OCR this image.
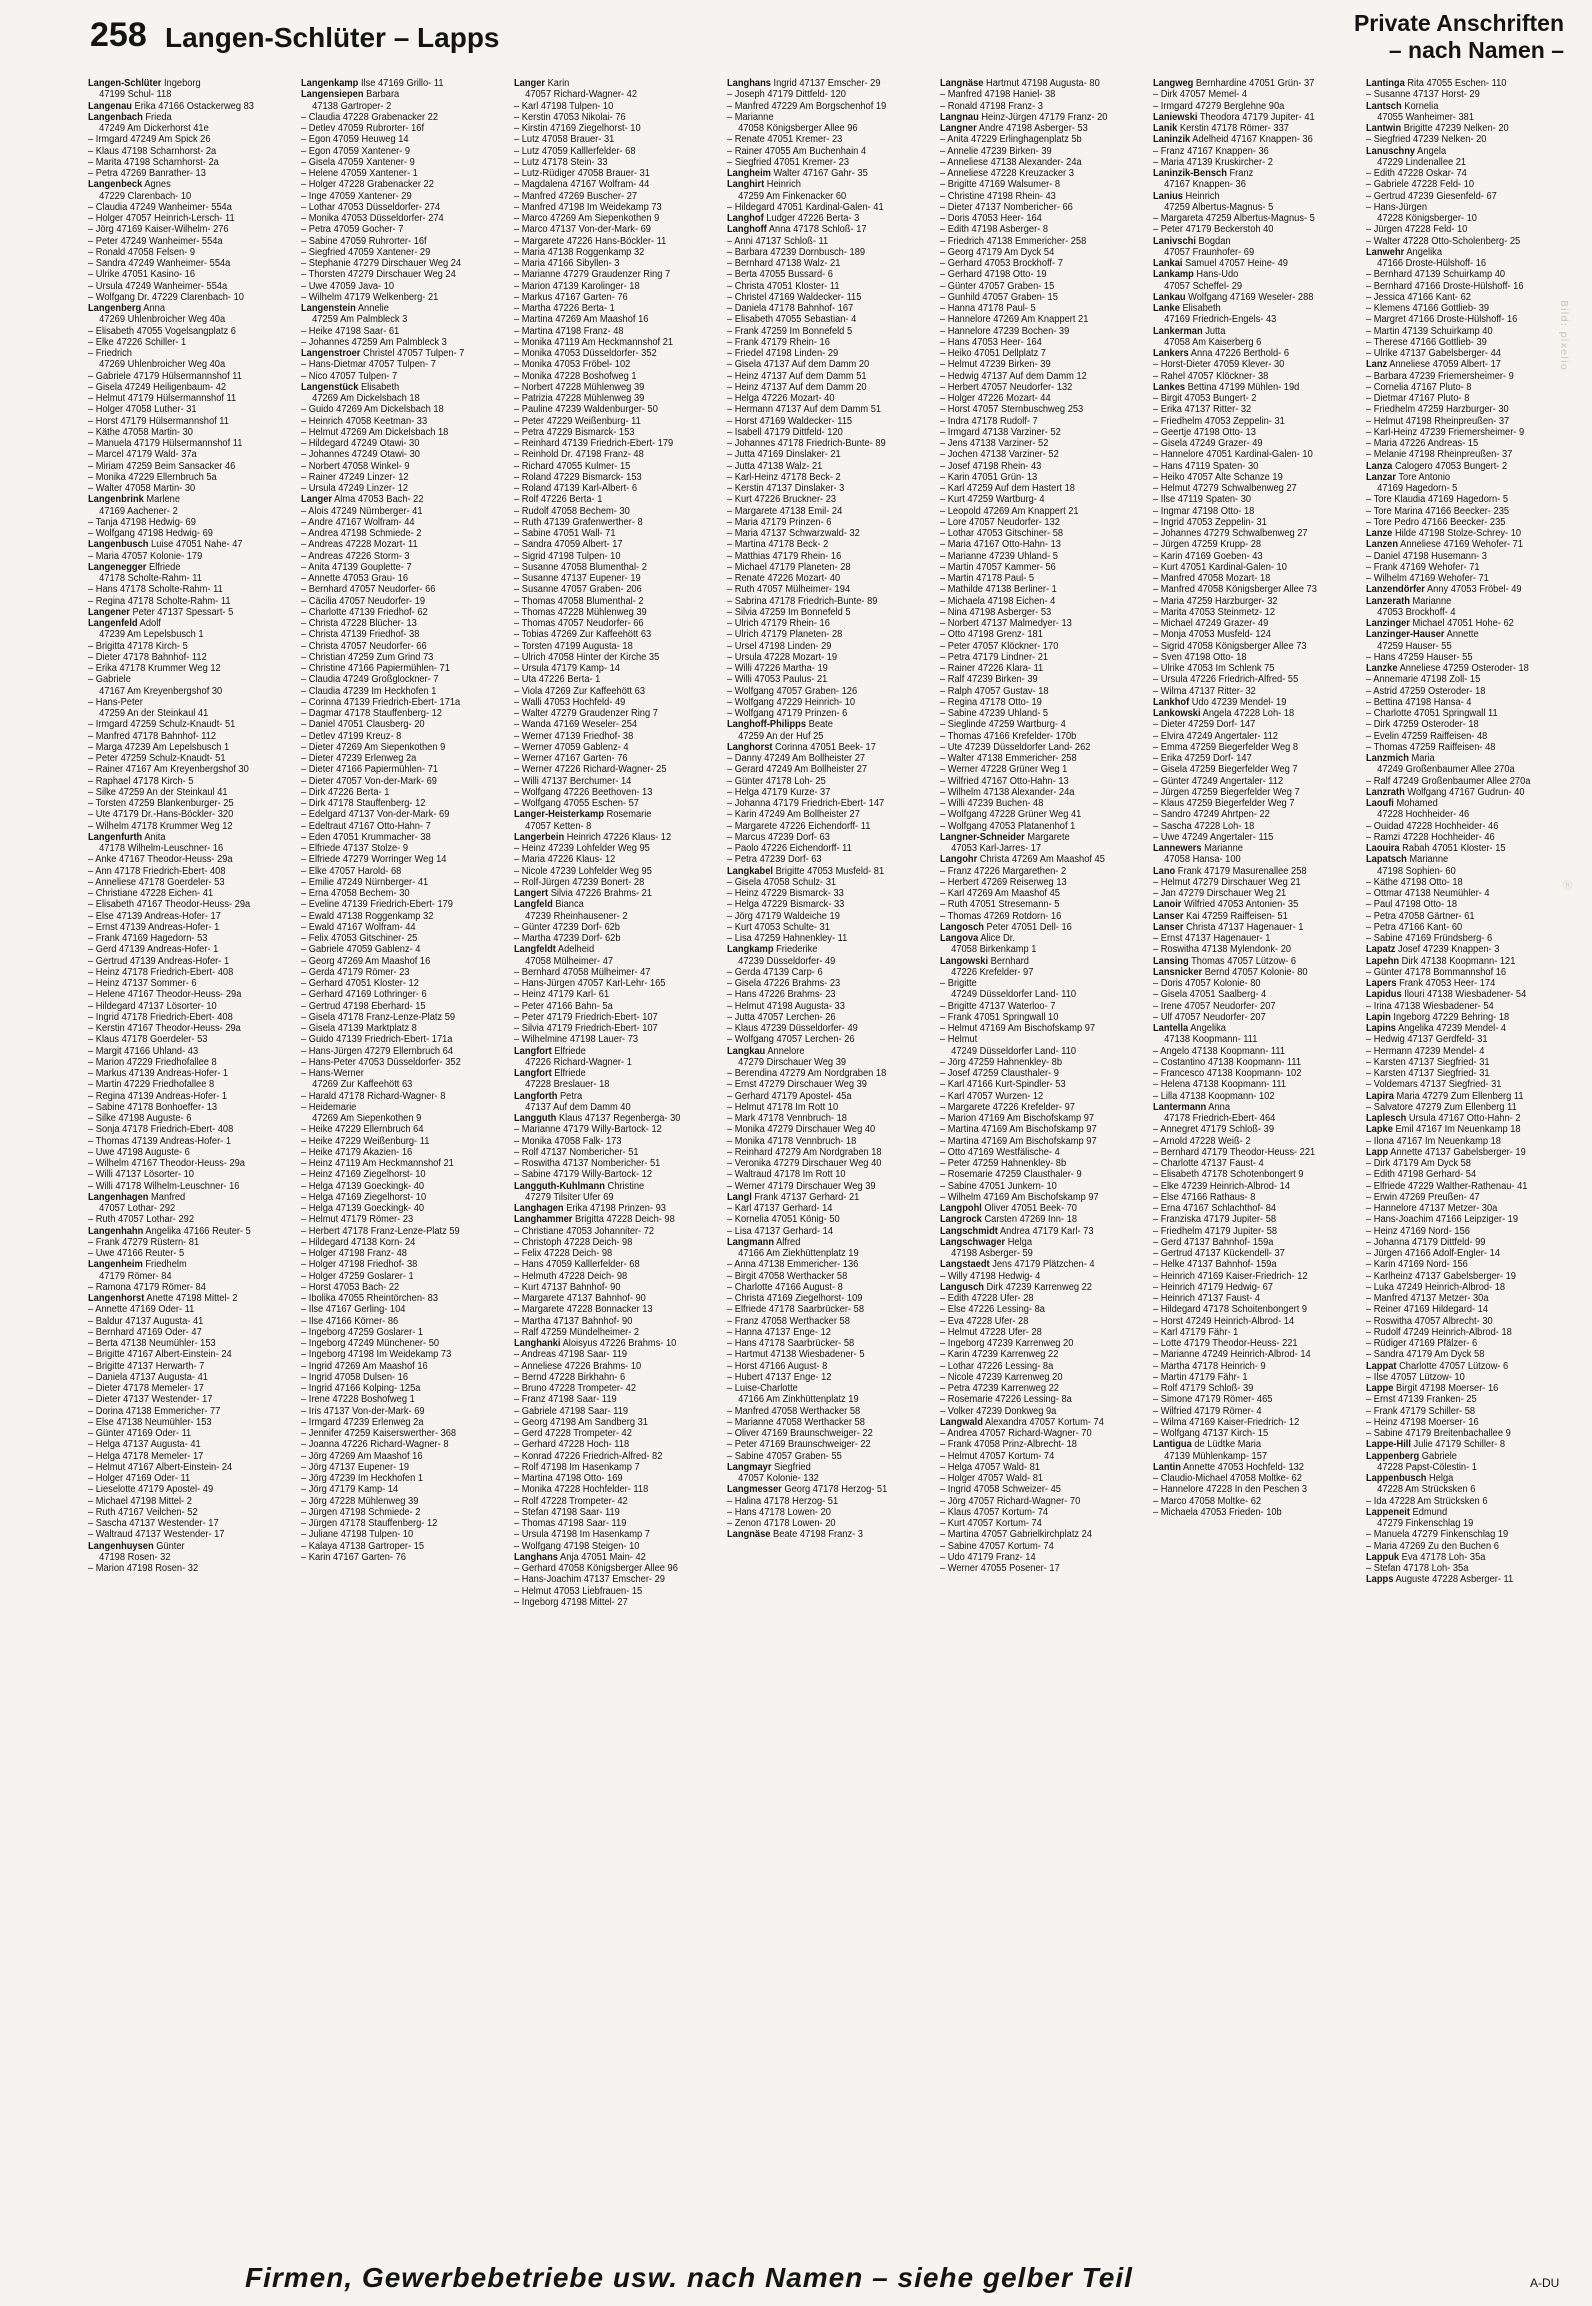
258 Langen-Schlüter – Lapps	Private Anschriften
– nach Namen –
Bild: pixelio
Ⓡ
Langen-Schlüter Ingeborg
47199 Schul- 118
Langenau Erika 47166 Ostackerweg 83
Langenbach Frieda
47249 Am Dickerhorst 41e
– Irmgard 47249 Am Spick 26
– Klaus 47198 Scharnhorst- 2a
– Marita 47198 Scharnhorst- 2a
– Petra 47269 Banrather- 13
Langenbeck Agnes
47229 Clarenbach- 10
– Claudia 47249 Wanheimer- 554a
– Holger 47057 Heinrich-Lersch- 11
– Jörg 47169 Kaiser-Wilhelm- 276
– Peter 47249 Wanheimer- 554a
– Ronald 47058 Felsen- 9
– Sandra 47249 Wanheimer- 554a
– Ulrike 47051 Kasino- 16
– Ursula 47249 Wanheimer- 554a
– Wolfgang Dr. 47229 Clarenbach- 10
Langenberg Anna
47269 Uhlenbroicher Weg 40a
– Elisabeth 47055 Vogelsangplatz 6
– Elke 47226 Schiller- 1
– Friedrich
47269 Uhlenbroicher Weg 40a
– Gabriele 47179 Hülsermannshof 11
– Gisela 47249 Heiligenbaum- 42
– Helmut 47179 Hülsermannshof 11
– Holger 47058 Luther- 31
– Horst 47179 Hülsermannshof 11
– Käthe 47058 Martin- 30
– Manuela 47179 Hülsermannshof 11
– Marcel 47179 Wald- 37a
– Miriam 47259 Beim Sansacker 46
– Monika 47229 Ellernbruch 5a
– Walter 47058 Martin- 30
Langenbrink Marlene
47169 Aachener- 2
– Tanja 47198 Hedwig- 69
– Wolfgang 47198 Hedwig- 69
Langenbusch Luise 47051 Nahe- 47
– Maria 47057 Kolonie- 179
Langenegger Elfriede
47178 Scholte-Rahm- 11
– Hans 47178 Scholte-Rahm- 11
– Regina 47178 Scholte-Rahm- 11
Langener Peter 47137 Spessart- 5
Langenfeld Adolf
47239 Am Lepelsbusch 1
– Brigitta 47178 Kirch- 5
– Dieter 47178 Bahnhof- 112
– Erika 47178 Krummer Weg 12
– Gabriele
47167 Am Kreyenbergshof 30
– Hans-Peter
47259 An der Steinkaul 41
– Irmgard 47259 Schulz-Knaudt- 51
– Manfred 47178 Bahnhof- 112
– Marga 47239 Am Lepelsbusch 1
– Peter 47259 Schulz-Knaudt- 51
– Rainer 47167 Am Kreyenbergshof 30
– Raphael 47178 Kirch- 5
– Silke 47259 An der Steinkaul 41
– Torsten 47259 Blankenburger- 25
– Ute 47179 Dr.-Hans-Böckler- 320
– Wilhelm 47178 Krummer Weg 12
Langenfurth Anita
47178 Wilhelm-Leuschner- 16
– Anke 47167 Theodor-Heuss- 29a
– Ann 47178 Friedrich-Ebert- 408
– Anneliese 47178 Goerdeler- 53
– Christiane 47228 Eichen- 41
– Elisabeth 47167 Theodor-Heuss- 29a
– Else 47139 Andreas-Hofer- 17
– Ernst 47139 Andreas-Hofer- 1
– Frank 47169 Hagedorn- 53
– Gerd 47139 Andreas-Hofer- 1
– Gertrud 47139 Andreas-Hofer- 1
– Heinz 47178 Friedrich-Ebert- 408
– Heinz 47137 Sommer- 6
– Helene 47167 Theodor-Heuss- 29a
– Hildegard 47137 Lösorter- 10
– Ingrid 47178 Friedrich-Ebert- 408
– Kerstin 47167 Theodor-Heuss- 29a
– Klaus 47178 Goerdeler- 53
– Margit 47166 Uhland- 43
– Marion 47229 Friedhofallee 8
– Markus 47139 Andreas-Hofer- 1
– Martin 47229 Friedhofallee 8
– Regina 47139 Andreas-Hofer- 1
– Sabine 47178 Bonhoeffer- 13
– Silke 47198 Auguste- 6
– Sonja 47178 Friedrich-Ebert- 408
– Thomas 47139 Andreas-Hofer- 1
– Uwe 47198 Auguste- 6
– Wilhelm 47167 Theodor-Heuss- 29a
– Willi 47137 Lösorter- 10
– Willi 47178 Wilhelm-Leuschner- 16
Langenhagen Manfred
47057 Lothar- 292
– Ruth 47057 Lothar- 292
Langenhahn Angelika 47166 Reuter- 5
– Frank 47279 Rüstern- 81
– Uwe 47166 Reuter- 5
Langenheim Friedhelm
47179 Römer- 84
– Ramona 47179 Römer- 84
Langenhorst Anette 47198 Mittel- 2
– Annette 47169 Oder- 11
– Baldur 47137 Augusta- 41
– Bernhard 47169 Oder- 47
– Berta 47138 Neumühler- 153
– Brigitte 47167 Albert-Einstein- 24
– Brigitte 47137 Herwarth- 7
– Daniela 47137 Augusta- 41
– Dieter 47178 Memeler- 17
– Dieter 47137 Westender- 17
– Dorina 47138 Emmericher- 77
– Else 47138 Neumühler- 153
– Günter 47169 Oder- 11
– Helga 47137 Augusta- 41
– Helga 47178 Memeler- 17
– Helmut 47167 Albert-Einstein- 24
– Holger 47169 Oder- 11
– Lieselotte 47179 Apostel- 49
– Michael 47198 Mittel- 2
– Ruth 47167 Veilchen- 52
– Sascha 47137 Westender- 17
– Waltraud 47137 Westender- 17
Langenhuysen Günter
47198 Rosen- 32
– Marion 47198 Rosen- 32
Langenkamp Ilse 47169 Grillo- 11
Langensiepen Barbara
47138 Gartroper- 2
– Claudia 47228 Grabenacker 22
– Detlev 47059 Rubrorter- 16f
– Egon 47059 Heuweg 14
– Egon 47059 Xantener- 9
– Gisela 47059 Xantener- 9
– Helene 47059 Xantener- 1
– Holger 47228 Grabenacker 22
– Inge 47059 Xantener- 29
– Lothar 47053 Düsseldorfer- 274
– Monika 47053 Düsseldorfer- 274
– Petra 47059 Gocher- 7
– Sabine 47059 Ruhrorter- 16f
– Siegfried 47059 Xantener- 29
– Stephanie 47279 Dirschauer Weg 24
– Thorsten 47279 Dirschauer Weg 24
– Uwe 47059 Java- 10
– Wilhelm 47179 Welkenberg- 21
Langenstein Annelie
47259 Am Palmbleck 3
– Heike 47198 Saar- 61
– Johannes 47259 Am Palmbleck 3
Langenstroer Christel 47057 Tulpen- 7
– Hans-Dietmar 47057 Tulpen- 7
– Nico 47057 Tulpen- 7
Langenstück Elisabeth
47269 Am Dickelsbach 18
– Guido 47269 Am Dickelsbach 18
– Heinrich 47058 Keetman- 33
– Helmut 47269 Am Dickelsbach 18
– Hildegard 47249 Otawi- 30
– Johannes 47249 Otawi- 30
– Norbert 47058 Winkel- 9
– Rainer 47249 Linzer- 12
– Ursula 47249 Linzer- 12
Langer Alma 47053 Bach- 22
– Alois 47249 Nürnberger- 41
– Andre 47167 Wolfram- 44
– Andrea 47198 Schmiede- 2
– Andreas 47228 Mozart- 11
– Andreas 47226 Storm- 3
– Anita 47139 Gouplette- 7
– Annette 47053 Grau- 16
– Bernhard 47057 Neudorfer- 66
– Cäcilia 47057 Neudorfer- 19
– Charlotte 47139 Friedhof- 62
– Christa 47228 Blücher- 13
– Christa 47139 Friedhof- 38
– Christa 47057 Neudorfer- 66
– Christian 47259 Zum Grind 73
– Christine 47166 Papiermühlen- 71
– Claudia 47249 Großglockner- 7
– Claudia 47239 Im Heckhofen 1
– Corinna 47139 Friedrich-Ebert- 171a
– Dagmar 47178 Stauffenberg- 12
– Daniel 47051 Clausberg- 20
– Detlev 47199 Kreuz- 8
– Dieter 47269 Am Siepenkothen 9
– Dieter 47239 Erlenweg 2a
– Dieter 47166 Papiermühlen- 71
– Dieter 47057 Von-der-Mark- 69
– Dirk 47226 Berta- 1
– Dirk 47178 Stauffenberg- 12
– Edelgard 47137 Von-der-Mark- 69
– Edeltraut 47167 Otto-Hahn- 7
– Eden 47051 Krummacher- 38
– Elfriede 47137 Stolze- 9
– Elfriede 47279 Worringer Weg 14
– Elke 47057 Harold- 68
– Emilie 47249 Nürnberger- 41
– Erna 47058 Bechem- 30
– Eveline 47139 Friedrich-Ebert- 179
– Ewald 47138 Roggenkamp 32
– Ewald 47167 Wolfram- 44
– Felix 47053 Gitschiner- 25
– Gabriele 47059 Gablenz- 4
– Georg 47269 Am Maashof 16
– Gerda 47179 Römer- 23
– Gerhard 47051 Kloster- 12
– Gerhard 47169 Lothringer- 6
– Gertrud 47198 Eberhard- 15
– Gisela 47178 Franz-Lenze-Platz 59
– Gisela 47139 Marktplatz 8
– Guido 47139 Friedrich-Ebert- 171a
– Hans-Jürgen 47279 Ellernbruch 64
– Hans-Peter 47053 Düsseldorfer- 352
– Hans-Werner
47269 Zur Kaffeehött 63
– Harald 47178 Richard-Wagner- 8
– Heidemarie
47269 Am Siepenkothen 9
– Heike 47229 Ellernbruch 64
– Heike 47229 Weißenburg- 11
– Heike 47179 Akazien- 16
– Heinz 47119 Am Heckmannshof 21
– Heinz 47169 Ziegelhorst- 10
– Helga 47139 Goeckingk- 40
– Helga 47169 Ziegelhorst- 10
– Helga 47139 Goeckingk- 40
– Helmut 47179 Römer- 23
– Herbert 47178 Franz-Lenze-Platz 59
– Hildegard 47138 Korn- 24
– Holger 47198 Franz- 48
– Holger 47198 Friedhof- 38
– Holger 47259 Goslarer- 1
– Horst 47053 Bach- 22
– Ibolika 47055 Rheintörchen- 83
– Ilse 47167 Gerling- 104
– Ilse 47166 Körner- 86
– Ingeborg 47259 Goslarer- 1
– Ingeborg 47249 Münchener- 50
– Ingeborg 47198 Im Weidekamp 73
– Ingrid 47269 Am Maashof 16
– Ingrid 47058 Dulsen- 16
– Ingrid 47166 Kolping- 125a
– Irene 47228 Boshofweg 1
– Iris 47137 Von-der-Mark- 69
– Irmgard 47239 Erlenweg 2a
– Jennifer 47259 Kaiserswerther- 368
– Joanna 47226 Richard-Wagner- 8
– Jörg 47269 Am Maashof 16
– Jörg 47137 Eupener- 19
– Jörg 47239 Im Heckhofen 1
– Jörg 47179 Kamp- 14
– Jörg 47228 Mühlenweg 39
– Jürgen 47198 Schmiede- 2
– Jürgen 47178 Stauffenberg- 12
– Juliane 47198 Tulpen- 10
– Kalaya 47138 Gartroper- 15
– Karin 47167 Garten- 76
Langer Karin
47057 Richard-Wagner- 42
– Karl 47198 Tulpen- 10
– Kerstin 47053 Nikolai- 76
– Kirstin 47169 Ziegelhorst- 10
– Lutz 47058 Brauer- 31
– Lutz 47059 Kalllerfelder- 68
– Lutz 47178 Stein- 33
– Lutz-Rüdiger 47058 Brauer- 31
– Magdalena 47167 Wolfram- 44
– Manfred 47269 Buscher- 27
– Manfred 47198 Im Weidekamp 73
– Marco 47269 Am Siepenkothen 9
– Marco 47137 Von-der-Mark- 69
– Margarete 47226 Hans-Böckler- 11
– Maria 47138 Roggenkamp 32
– Maria 47166 Sibyllen- 3
– Marianne 47279 Graudenzer Ring 7
– Marion 47139 Karolinger- 18
– Markus 47167 Garten- 76
– Martha 47226 Berta- 1
– Martina 47269 Am Maashof 16
– Martina 47198 Franz- 48
– Monika 47119 Am Heckmannshof 21
– Monika 47053 Düsseldorfer- 352
– Monika 47053 Fröbel- 102
– Monika 47228 Boshofweg 1
– Norbert 47228 Mühlenweg 39
– Patrizia 47228 Mühlenweg 39
– Pauline 47239 Waldenburger- 50
– Peter 47229 Weißenburg- 11
– Petra 47229 Bismarck- 153
– Reinhard 47139 Friedrich-Ebert- 179
– Reinhold Dr. 47198 Franz- 48
– Richard 47055 Kulmer- 15
– Roland 47229 Bismarck- 153
– Roland 47139 Karl-Albert- 6
– Rolf 47226 Berta- 1
– Rudolf 47058 Bechem- 30
– Ruth 47139 Grafenwerther- 8
– Sabine 47051 Wall- 71
– Sandra 47059 Albert- 17
– Sigrid 47198 Tulpen- 10
– Susanne 47058 Blumenthal- 2
– Susanne 47137 Eupener- 19
– Susanne 47057 Graben- 206
– Thomas 47058 Blumenthal- 2
– Thomas 47228 Mühlenweg 39
– Thomas 47057 Neudorfer- 66
– Tobias 47269 Zur Kaffeehött 63
– Torsten 47199 Augusta- 18
– Ulrich 47058 Hinter der Kirche 35
– Ursula 47179 Kamp- 14
– Uta 47226 Berta- 1
– Viola 47269 Zur Kaffeehött 63
– Walli 47053 Hochfeld- 49
– Walter 47279 Graudenzer Ring 7
– Wanda 47169 Weseler- 254
– Werner 47139 Friedhof- 38
– Werner 47059 Gablenz- 4
– Werner 47167 Garten- 76
– Werner 47226 Richard-Wagner- 25
– Willi 47137 Berchumer- 14
– Wolfgang 47226 Beethoven- 13
– Wolfgang 47055 Eschen- 57
Langer-Heisterkamp Rosemarie
47057 Ketten- 8
Langerbein Heinrich 47226 Klaus- 12
– Heinz 47239 Lohfelder Weg 95
– Maria 47226 Klaus- 12
– Nicole 47239 Lohfelder Weg 95
– Rolf-Jürgen 47239 Bonert- 28
Langert Silvia 47226 Brahms- 21
Langfeld Bianca
47239 Rheinhausener- 2
– Günter 47239 Dorf- 62b
– Martha 47239 Dorf- 62b
Langfeldt Adelheid
47058 Mülheimer- 47
– Bernhard 47058 Mülheimer- 47
– Hans-Jürgen 47057 Karl-Lehr- 165
– Heinz 47179 Karl- 61
– Peter 47166 Bahn- 5a
– Peter 47179 Friedrich-Ebert- 107
– Silvia 47179 Friedrich-Ebert- 107
– Wilhelmine 47198 Lauer- 73
Langfort Elfriede
47226 Richard-Wagner- 1
Langfort Elfriede
47228 Breslauer- 18
Langforth Petra
47137 Auf dem Damm 40
Langguth Klaus 47137 Regenberga- 30
– Marianne 47179 Willy-Bartock- 12
– Monika 47058 Falk- 173
– Rolf 47137 Nombericher- 51
– Roswitha 47137 Nombericher- 51
– Sabine 47179 Willy-Bartock- 12
Langguth-Kuhlmann Christine
47279 Tilsiter Ufer 69
Langhagen Erika 47198 Prinzen- 93
Langhammer Brigitta 47228 Deich- 98
– Christiane 47053 Johanniter- 72
– Christoph 47228 Deich- 98
– Felix 47228 Deich- 98
– Hans 47059 Kalllerfelder- 68
– Helmuth 47228 Deich- 98
– Kurt 47137 Bahnhof- 90
– Margarete 47137 Bahnhof- 90
– Margarete 47228 Bonnacker 13
– Martha 47137 Bahnhof- 90
– Ralf 47259 Mündelheimer- 2
Langhanki Aloisyus 47226 Brahms- 10
– Andreas 47198 Saar- 119
– Anneliese 47226 Brahms- 10
– Bernd 47228 Birkhahn- 6
– Bruno 47228 Trompeter- 42
– Franz 47198 Saar- 119
– Gabriele 47198 Saar- 119
– Georg 47198 Am Sandberg 31
– Gerd 47228 Trompeter- 42
– Gerhard 47228 Hoch- 118
– Konrad 47226 Friedrich-Alfred- 82
– Rolf 47198 Im Hasenkamp 7
– Martina 47198 Otto- 169
– Monika 47228 Hochfelder- 118
– Rolf 47228 Trompeter- 42
– Stefan 47198 Saar- 119
– Thomas 47198 Saar- 119
– Ursula 47198 Im Hasenkamp 7
– Wolfgang 47198 Steigen- 10
Langhans Anja 47051 Main- 42
– Gerhard 47058 Königsberger Allee 96
– Hans-Joachim 47137 Emscher- 29
– Helmut 47053 Liebfrauen- 15
– Ingeborg 47198 Mittel- 27
Langhans Ingrid 47137 Emscher- 29
– Joseph 47179 Dittfeld- 120
– Manfred 47229 Am Borgschenhof 19
– Marianne
47058 Königsberger Allee 96
– Renate 47051 Kremer- 23
– Rainer 47055 Am Buchenhain 4
– Siegfried 47051 Kremer- 23
Langheim Walter 47167 Gahr- 35
Langhirt Heinrich
47259 Am Finkenacker 60
– Hildegard 47051 Kardinal-Galen- 41
Langhof Ludger 47226 Berta- 3
Langhoff Anna 47178 Schloß- 17
– Anni 47137 Schloß- 11
– Barbara 47239 Dornbusch- 189
– Bernhard 47138 Walz- 21
– Berta 47055 Bussard- 6
– Christa 47051 Kloster- 11
– Christel 47169 Waldecker- 115
– Daniela 47178 Bahnhof- 167
– Elisabeth 47055 Sebastian- 4
– Frank 47259 Im Bonnefeld 5
– Frank 47179 Rhein- 16
– Friedel 47198 Linden- 29
– Gisela 47137 Auf dem Damm 20
– Heinz 47137 Auf dem Damm 51
– Heinz 47137 Auf dem Damm 20
– Helga 47226 Mozart- 40
– Hermann 47137 Auf dem Damm 51
– Horst 47169 Waldecker- 115
– Isabell 47179 Dittfeld- 120
– Johannes 47178 Friedrich-Bunte- 89
– Jutta 47169 Dinslaker- 21
– Jutta 47138 Walz- 21
– Karl-Heinz 47178 Beck- 2
– Kerstin 47137 Dinslaker- 3
– Kurt 47226 Bruckner- 23
– Margarete 47138 Emil- 24
– Maria 47179 Prinzen- 6
– Maria 47137 Schwarzwald- 32
– Martina 47178 Beck- 2
– Matthias 47179 Rhein- 16
– Michael 47179 Planeten- 28
– Renate 47226 Mozart- 40
– Ruth 47057 Mülheimer- 194
– Sabrina 47178 Friedrich-Bunte- 89
– Silvia 47259 Im Bonnefeld 5
– Ulrich 47179 Rhein- 16
– Ulrich 47179 Planeten- 28
– Ursel 47198 Linden- 29
– Ursula 47228 Mozart- 19
– Willi 47226 Martha- 19
– Willi 47053 Paulus- 21
– Wolfgang 47057 Graben- 126
– Wolfgang 47229 Heinrich- 10
– Wolfgang 47179 Prinzen- 6
Langhoff-Philipps Beate
47259 An der Huf 25
Langhorst Corinna 47051 Beek- 17
– Danny 47249 Am Bollheister 27
– Gerard 47249 Am Bollheister 27
– Günter 47178 Loh- 25
– Helga 47179 Kurze- 37
– Johanna 47179 Friedrich-Ebert- 147
– Karin 47249 Am Bollheister 27
– Margarete 47226 Eichendorff- 11
– Marcus 47239 Dorf- 63
– Paolo 47226 Eichendorff- 11
– Petra 47239 Dorf- 63
Langkabel Brigitte 47053 Musfeld- 81
– Gisela 47058 Schulz- 31
– Heinz 47229 Bismarck- 33
– Helga 47229 Bismarck- 33
– Jörg 47179 Waldeiche 19
– Kurt 47053 Schulte- 31
– Lisa 47259 Hahnenkley- 11
Langkamp Friederike
47239 Düsseldorfer- 49
– Gerda 47139 Carp- 6
– Gisela 47226 Brahms- 23
– Hans 47226 Brahms- 23
– Helmut 47198 Augusta- 33
– Jutta 47057 Lerchen- 26
– Klaus 47239 Düsseldorfer- 49
– Wolfgang 47057 Lerchen- 26
Langkau Annelore
47279 Dirschauer Weg 39
– Berendina 47279 Am Nordgraben 18
– Ernst 47279 Dirschauer Weg 39
– Gerhard 47179 Apostel- 45a
– Helmut 47178 Im Rott 10
– Mark 47178 Vennbruch- 18
– Monika 47279 Dirschauer Weg 40
– Monika 47178 Vennbruch- 18
– Reinhard 47279 Am Nordgraben 18
– Veronika 47279 Dirschauer Weg 40
– Waltraud 47178 Im Rott 10
– Werner 47179 Dirschauer Weg 39
Langl Frank 47137 Gerhard- 21
– Karl 47137 Gerhard- 14
– Kornelia 47051 König- 50
– Lisa 47137 Gerhard- 14
Langmann Alfred
47166 Am Ziekhüttenplatz 19
– Anna 47138 Emmericher- 136
– Birgit 47058 Werthacker 58
– Charlotte 47166 August- 8
– Christa 47169 Ziegelhorst- 109
– Elfriede 47178 Saarbrücker- 58
– Franz 47058 Werthacker 58
– Hanna 47137 Enge- 12
– Hans 47178 Saarbrücker- 58
– Hartmut 47138 Wiesbadener- 5
– Horst 47166 August- 8
– Hubert 47137 Enge- 12
– Luise-Charlotte
47166 Am Zinkhüttenplatz 19
– Manfred 47058 Werthacker 58
– Marianne 47058 Werthacker 58
– Oliver 47169 Braunschweiger- 22
– Peter 47169 Braunschweiger- 22
– Sabine 47057 Graben- 55
Langmayr Siegfried
47057 Kolonie- 132
Langmesser Georg 47178 Herzog- 51
– Halina 47178 Herzog- 51
– Hans 47178 Lowen- 20
– Zenon 47178 Lowen- 20
Langnäse Beate 47198 Franz- 3
Langnäse Hartmut 47198 Augusta- 80
– Manfred 47198 Haniel- 38
– Ronald 47198 Franz- 3
Langnau Heinz-Jürgen 47179 Franz- 20
Langner Andre 47198 Asberger- 53
– Anita 47229 Erlinghagenplatz 5b
– Annelie 47239 Birken- 39
– Anneliese 47138 Alexander- 24a
– Anneliese 47228 Kreuzacker 3
– Brigitte 47169 Walsumer- 8
– Christine 47198 Rhein- 43
– Dieter 47137 Nombericher- 66
– Doris 47053 Heer- 164
– Edith 47198 Asberger- 8
– Friedrich 47138 Emmericher- 258
– Georg 47179 Am Dyck 54
– Gerhard 47053 Brockhoff- 7
– Gerhard 47198 Otto- 19
– Günter 47057 Graben- 15
– Gunhild 47057 Graben- 15
– Hanna 47178 Paul- 5
– Hannelore 47269 Am Knappert 21
– Hannelore 47239 Bochen- 39
– Hans 47053 Heer- 164
– Heiko 47051 Dellplatz 7
– Helmut 47239 Birken- 39
– Hedwig 47137 Auf dem Damm 12
– Herbert 47057 Neudorfer- 132
– Holger 47226 Mozart- 44
– Horst 47057 Sternbuschweg 253
– Indra 47178 Rudolf- 7
– Irmgard 47138 Varziner- 52
– Jens 47138 Varziner- 52
– Jochen 47138 Varziner- 52
– Josef 47198 Rhein- 43
– Karin 47051 Grün- 13
– Karl 47259 Auf dem Hastert 18
– Kurt 47259 Wartburg- 4
– Leopold 47269 Am Knappert 21
– Lore 47057 Neudorfer- 132
– Lothar 47053 Gitschiner- 58
– Maria 47167 Otto-Hahn- 13
– Marianne 47239 Uhland- 5
– Martin 47057 Kammer- 56
– Martin 47178 Paul- 5
– Mathilde 47138 Berliner- 1
– Michaela 47198 Eichen- 4
– Nina 47198 Asberger- 53
– Norbert 47137 Malmedyer- 13
– Otto 47198 Grenz- 181
– Peter 47057 Klöckner- 170
– Petra 47179 Lindner- 21
– Rainer 47226 Klara- 11
– Ralf 47239 Birken- 39
– Ralph 47057 Gustav- 18
– Regina 47178 Otto- 19
– Sabine 47239 Uhland- 5
– Sieglinde 47259 Wartburg- 4
– Thomas 47166 Krefelder- 170b
– Ute 47239 Düsseldorfer Land- 262
– Walter 47138 Emmericher- 258
– Werner 47228 Grüner Weg 1
– Wilfried 47167 Otto-Hahn- 13
– Wilhelm 47138 Alexander- 24a
– Willi 47239 Buchen- 48
– Wolfgang 47228 Grüner Weg 41
– Wolfgang 47053 Platanenhof 1
Langner-Schneider Margarete
47053 Karl-Jarres- 17
Langohr Christa 47269 Am Maashof 45
– Franz 47226 Margarethen- 2
– Herbert 47269 Reiserweg 13
– Karl 47269 Am Maashof 45
– Ruth 47051 Stresemann- 5
– Thomas 47269 Rotdorn- 16
Langosch Peter 47051 Dell- 16
Langova Alice Dr.
47058 Birkenkamp 1
Langowski Bernhard
47226 Krefelder- 97
– Brigitte
47249 Düsseldorfer Land- 110
– Brigitte 47137 Waterloo- 7
– Frank 47051 Springwall 10
– Helmut 47169 Am Bischofskamp 97
– Helmut
47249 Düsseldorfer Land- 110
– Jörg 47259 Hahnenkley- 8b
– Josef 47259 Clausthaler- 9
– Karl 47166 Kurt-Spindler- 53
– Karl 47057 Wurzen- 12
– Margarete 47226 Krefelder- 97
– Marion 47169 Am Bischofskamp 97
– Martina 47169 Am Bischofskamp 97
– Martina 47169 Am Bischofskamp 97
– Otto 47169 Westfälische- 4
– Peter 47259 Hahnenkley- 8b
– Rosemarie 47259 Clausthaler- 9
– Sabine 47051 Junkern- 10
– Wilhelm 47169 Am Bischofskamp 97
Langpohl Oliver 47051 Beek- 70
Langrock Carsten 47269 Inn- 18
Langschmidt Andrea 47179 Karl- 73
Langschwager Helga
47198 Asberger- 59
Langstaedt Jens 47179 Plätzchen- 4
– Willy 47198 Hedwig- 4
Langusch Dirk 47239 Karrenweg 22
– Edith 47228 Ufer- 28
– Else 47226 Lessing- 8a
– Eva 47228 Ufer- 28
– Helmut 47228 Ufer- 28
– Ingeborg 47239 Karrenweg 20
– Karin 47239 Karrenweg 22
– Lothar 47226 Lessing- 8a
– Nicole 47239 Karrenweg 20
– Petra 47239 Karrenweg 22
– Rosemarie 47226 Lessing- 8a
– Volker 47239 Donkweg 9a
Langwald Alexandra 47057 Kortum- 74
– Andrea 47057 Richard-Wagner- 70
– Frank 47058 Prinz-Albrecht- 18
– Helmut 47057 Kortum- 74
– Helga 47057 Wald- 81
– Holger 47057 Wald- 81
– Ingrid 47058 Schweizer- 45
– Jörg 47057 Richard-Wagner- 70
– Klaus 47057 Kortum- 74
– Kurt 47057 Kortum- 74
– Martina 47057 Gabrielkirchplatz 24
– Sabine 47057 Kortum- 74
– Udo 47179 Franz- 14
– Werner 47055 Posener- 17
Langweg Bernhardine 47051 Grün- 37
– Dirk 47057 Memel- 4
– Irmgard 47279 Berglehne 90a
Laniewski Theodora 47179 Jupiter- 41
Lanik Kerstin 47178 Römer- 337
Laninzik Adelheid 47167 Knappen- 36
– Franz 47167 Knappen- 36
– Maria 47139 Kruskircher- 2
Laninzik-Bensch Franz
47167 Knappen- 36
Lanius Heinrich
47259 Albertus-Magnus- 5
– Margareta 47259 Albertus-Magnus- 5
– Peter 47179 Beckerstoh 40
Lanivschi Bogdan
47057 Fraunhofer- 69
Lankai Samuel 47057 Heine- 49
Lankamp Hans-Udo
47057 Scheffel- 29
Lankau Wolfgang 47169 Weseler- 288
Lanke Elisabeth
47169 Friedrich-Engels- 43
Lankerman Jutta
47058 Am Kaiserberg 6
Lankers Anna 47226 Berthold- 6
– Horst-Dieter 47059 Klever- 30
– Rahel 47057 Klöckner- 38
Lankes Bettina 47199 Mühlen- 19d
– Birgit 47053 Bungert- 2
– Erika 47137 Ritter- 32
– Friedhelm 47053 Zeppelin- 31
– Geertje 47198 Otto- 13
– Gisela 47249 Grazer- 49
– Hannelore 47051 Kardinal-Galen- 10
– Hans 47119 Spaten- 30
– Heiko 47057 Alte Schanze 19
– Helmut 47279 Schwalbenweg 27
– Ilse 47119 Spaten- 30
– Ingmar 47198 Otto- 18
– Ingrid 47053 Zeppelin- 31
– Johannes 47279 Schwalbenweg 27
– Jürgen 47259 Krupp- 28
– Karin 47169 Goeben- 43
– Kurt 47051 Kardinal-Galen- 10
– Manfred 47058 Mozart- 18
– Manfred 47058 Königsberger Allee 73
– Maria 47259 Harzburger- 32
– Marita 47053 Steinmetz- 12
– Michael 47249 Grazer- 49
– Monja 47053 Musfeld- 124
– Sigrid 47058 Königsberger Allee 73
– Sven 47198 Otto- 18
– Ulrike 47053 Im Schlenk 75
– Ursula 47226 Friedrich-Alfred- 55
– Wilma 47137 Ritter- 32
Lankhof Udo 47239 Mendel- 19
Lankowski Angela 47228 Loh- 18
– Dieter 47259 Dorf- 147
– Elvira 47249 Angertaler- 112
– Emma 47259 Biegerfelder Weg 8
– Erika 47259 Dorf- 147
– Gisela 47259 Biegerfelder Weg 7
– Günter 47249 Angertaler- 112
– Jürgen 47259 Biegerfelder Weg 7
– Klaus 47259 Biegerfelder Weg 7
– Sandro 47249 Ahrtpen- 22
– Sascha 47228 Loh- 18
– Uwe 47249 Angertaler- 115
Lannewers Marianne
47058 Hansa- 100
Lano Frank 47179 Masurenallee 258
– Helmut 47279 Dirschauer Weg 21
– Jan 47279 Dirschauer Weg 21
Lanoir Wilfried 47053 Antonien- 35
Lanser Kai 47259 Raiffeisen- 51
Lanser Christa 47137 Hagenauer- 1
– Ernst 47137 Hagenauer- 1
– Roswitha 47138 Mylendonk- 20
Lansing Thomas 47057 Lützow- 6
Lansnicker Bernd 47057 Kolonie- 80
– Doris 47057 Kolonie- 80
– Gisela 47051 Saalberg- 4
– Irene 47057 Neudorfer- 207
– Ulf 47057 Neudorfer- 207
Lantella Angelika
47138 Koopmann- 111
– Angelo 47138 Koopmann- 111
– Costantino 47138 Koopmann- 111
– Francesco 47138 Koopmann- 102
– Helena 47138 Koopmann- 111
– Lilla 47138 Koopmann- 102
Lantermann Anna
47178 Friedrich-Ebert- 464
– Annegret 47179 Schloß- 39
– Arnold 47228 Weiß- 2
– Bernhard 47179 Theodor-Heuss- 221
– Charlotte 47137 Faust- 4
– Elisabeth 47178 Schotenbongert 9
– Elke 47239 Heinrich-Albrod- 14
– Else 47166 Rathaus- 8
– Erna 47167 Schlachthof- 84
– Franziska 47179 Jupiter- 58
– Friedhelm 47179 Jupiter- 58
– Gerd 47137 Bahnhof- 159a
– Gertrud 47137 Kückendell- 37
– Helke 47137 Bahnhof- 159a
– Heinrich 47169 Kaiser-Friedrich- 12
– Heinrich 47179 Hedwig- 67
– Heinrich 47137 Faust- 4
– Hildegard 47178 Schoitenbongert 9
– Horst 47249 Heinrich-Albrod- 14
– Karl 47179 Fähr- 1
– Lotte 47179 Theodor-Heuss- 221
– Marianne 47249 Heinrich-Albrod- 14
– Martha 47178 Heinrich- 9
– Martin 47179 Fähr- 1
– Rolf 47179 Schloß- 39
– Simone 47179 Römer- 465
– Wilfried 47179 Römer- 4
– Wilma 47169 Kaiser-Friedrich- 12
– Wolfgang 47137 Kirch- 15
Lantigua de Lüdtke Maria
47139 Mühlenkamp- 157
Lantin Annette 47053 Hochfeld- 132
– Claudio-Michael 47058 Moltke- 62
– Hannelore 47228 In den Peschen 3
– Marco 47058 Moltke- 62
– Michaela 47053 Frieden- 10b
Lantinga Rita 47055 Eschen- 110
– Susanne 47137 Horst- 29
Lantsch Kornelia
47055 Wanheimer- 381
Lantwin Brigitte 47239 Nelken- 20
– Siegfried 47239 Nelken- 20
Lanuschny Angela
47229 Lindenallee 21
– Edith 47228 Oskar- 74
– Gabriele 47228 Feld- 10
– Gertrud 47239 Giesenfeld- 67
– Hans-Jürgen
47228 Königsberger- 10
– Jürgen 47228 Feld- 10
– Walter 47228 Otto-Scholenberg- 25
Lanwehr Angelika
47166 Droste-Hülshoff- 16
– Bernhard 47139 Schuirkamp 40
– Bernhard 47166 Droste-Hülshoff- 16
– Jessica 47166 Kant- 62
– Klemens 47166 Gottlieb- 39
– Margret 47166 Droste-Hülshoff- 16
– Martin 47139 Schuirkamp 40
– Therese 47166 Gottlieb- 39
– Ulrike 47137 Gabelsberger- 44
Lanz Anneliese 47059 Albert- 17
– Barbara 47239 Friemersheimer- 9
– Cornelia 47167 Pluto- 8
– Dietmar 47167 Pluto- 8
– Friedhelm 47259 Harzburger- 30
– Helmut 47198 Rheinpreußen- 37
– Karl-Heinz 47239 Friemersheimer- 9
– Maria 47226 Andreas- 15
– Melanie 47198 Rheinpreußen- 37
Lanza Calogero 47053 Bungert- 2
Lanzar Tore Antonio
47169 Hagedorn- 5
– Tore Klaudia 47169 Hagedorn- 5
– Tore Marina 47166 Beecker- 235
– Tore Pedro 47166 Beecker- 235
Lanze Hilde 47198 Stolze-Schrey- 10
Lanzen Anneliese 47169 Wehofer- 71
– Daniel 47198 Husemann- 3
– Frank 47169 Wehofer- 71
– Wilhelm 47169 Wehofer- 71
Lanzendörfer Anny 47053 Fröbel- 49
Lanzerath Marianne
47053 Brockhoff- 4
Lanzinger Michael 47051 Hohe- 62
Lanzinger-Hauser Annette
47259 Hauser- 55
– Hans 47259 Hauser- 55
Lanzke Anneliese 47259 Osteroder- 18
– Annemarie 47198 Zoll- 15
– Astrid 47259 Osteroder- 18
– Bettina 47198 Hansa- 4
– Charlotte 47051 Springwall 11
– Dirk 47259 Osteroder- 18
– Evelin 47259 Raiffeisen- 48
– Thomas 47259 Raiffeisen- 48
Lanzmich Maria
47249 Großenbaumer Allee 270a
– Ralf 47249 Großenbaumer Allee 270a
Lanzrath Wolfgang 47167 Gudrun- 40
Laoufi Mohamed
47228 Hochheider- 46
– Ouidad 47228 Hochheider- 46
– Ramzi 47228 Hochheider- 46
Laouira Rabah 47051 Kloster- 15
Lapatsch Marianne
47198 Sophien- 60
– Käthe 47198 Otto- 18
– Ottmar 47138 Neumühler- 4
– Paul 47198 Otto- 18
– Petra 47058 Gärtner- 61
– Petra 47166 Kant- 60
– Sabine 47169 Fründsberg- 6
Lapatz Josef 47239 Knappen- 3
Lapehn Dirk 47138 Koopmann- 121
– Günter 47178 Bommannshof 16
Lapers Frank 47053 Heer- 174
Lapidus Ilouri 47138 Wiesbadener- 54
– Irina 47138 Wiesbadener- 54
Lapin Ingeborg 47229 Behring- 18
Lapins Angelika 47239 Mendel- 4
– Hedwig 47137 Gerdfeld- 31
– Hermann 47239 Mendel- 4
– Karsten 47137 Siegfried- 31
– Karsten 47137 Siegfried- 31
– Voldemars 47137 Siegfried- 31
Lapira Maria 47279 Zum Ellenberg 11
– Salvatore 47279 Zum Ellenberg 11
Laplesch Ursula 47167 Otto-Hahn- 2
Lapke Emil 47167 Im Neuenkamp 18
– Ilona 47167 Im Neuenkamp 18
Lapp Annette 47137 Gabelsberger- 19
– Dirk 47179 Am Dyck 58
– Edith 47198 Gerhard- 54
– Elfriede 47229 Walther-Rathenau- 41
– Erwin 47269 Preußen- 47
– Hannelore 47137 Metzer- 30a
– Hans-Joachim 47166 Leipziger- 19
– Heinz 47169 Nord- 156
– Johanna 47179 Dittfeld- 99
– Jürgen 47166 Adolf-Engler- 14
– Karin 47169 Nord- 156
– Karlheinz 47137 Gabelsberger- 19
– Luka 47249 Heinrich-Albrod- 18
– Manfred 47137 Metzer- 30a
– Reiner 47169 Hildegard- 14
– Roswitha 47057 Albrecht- 30
– Rudolf 47249 Heinrich-Albrod- 18
– Rüdiger 47169 Pfälzer- 6
– Sandra 47179 Am Dyck 58
Lappat Charlotte 47057 Lützow- 6
– Ilse 47057 Lützow- 10
Lappe Birgit 47198 Moerser- 16
– Ernst 47139 Franken- 25
– Frank 47179 Schiller- 58
– Heinz 47198 Moerser- 16
– Sabine 47179 Breitenbachallee 9
Lappe-Hill Julie 47179 Schiller- 8
Lappenberg Gabriele
47228 Papst-Cölestin- 1
Lappenbusch Helga
47228 Am Strücksken 6
– Ida 47228 Am Strücksken 6
Lappeneit Edmund
47279 Finkenschlag 19
– Manuela 47279 Finkenschlag 19
– Maria 47269 Zu den Buchen 6
Lappuk Eva 47178 Loh- 35a
– Stefan 47178 Loh- 35a
Lapps Auguste 47228 Asberger- 11
Firmen, Gewerbebetriebe usw. nach Namen – siehe gelber Teil	A-DU
